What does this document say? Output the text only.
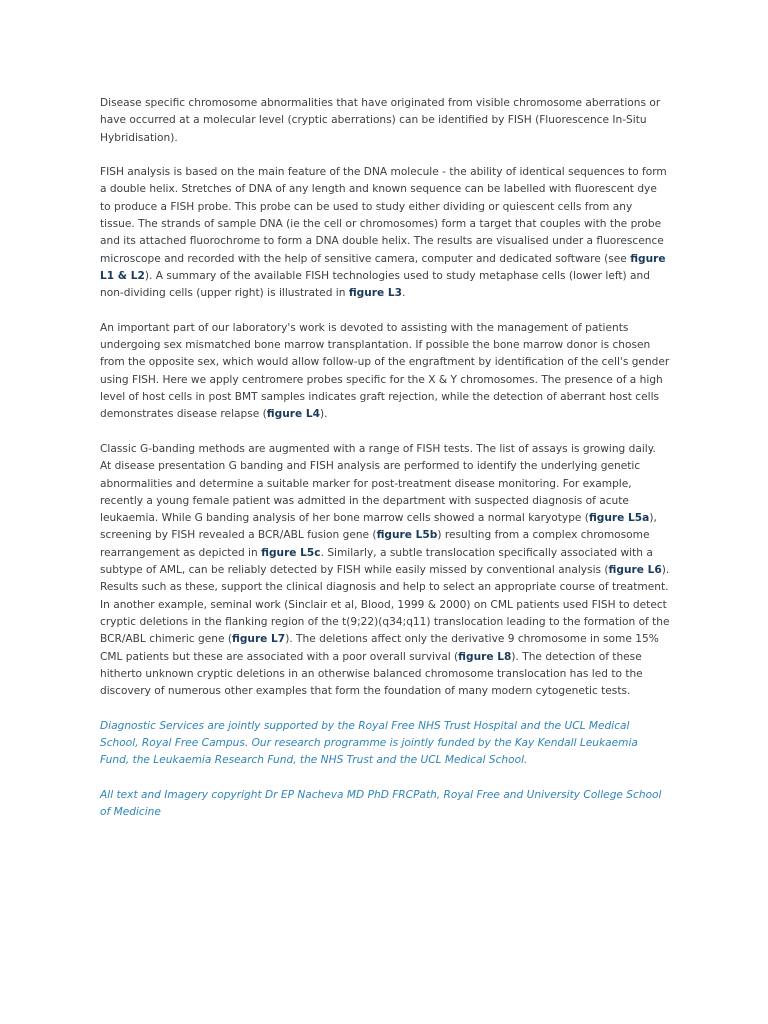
Disease specific chromosome abnormalities that have originated from visible chromosome aberrations or have occurred at a molecular level (cryptic aberrations) can be identified by FISH (Fluorescence In-Situ Hybridisation).

FISH analysis is based on the main feature of the DNA molecule - the ability of identical sequences to form a double helix. Stretches of DNA of any length and known sequence can be labelled with fluorescent dye to produce a FISH probe. This probe can be used to study either dividing or quiescent cells from any tissue. The strands of sample DNA (ie the cell or chromosomes) form a target that couples with the probe and its attached fluorochrome to form a DNA double helix. The results are visualised under a fluorescence microscope and recorded with the help of sensitive camera, computer and dedicated software (see figure L1 & L2). A summary of the available FISH technologies used to study metaphase cells (lower left) and non-dividing cells (upper right) is illustrated in figure L3.

An important part of our laboratory's work is devoted to assisting with the management of patients undergoing sex mismatched bone marrow transplantation. If possible the bone marrow donor is chosen from the opposite sex, which would allow follow-up of the engraftment by identification of the cell's gender using FISH. Here we apply centromere probes specific for the X & Y chromosomes. The presence of a high level of host cells in post BMT samples indicates graft rejection, while the detection of aberrant host cells demonstrates disease relapse (figure L4).

Classic G-banding methods are augmented with a range of FISH tests. The list of assays is growing daily. At disease presentation G banding and FISH analysis are performed to identify the underlying genetic abnormalities and determine a suitable marker for post-treatment disease monitoring. For example, recently a young female patient was admitted in the department with suspected diagnosis of acute leukaemia. While G banding analysis of her bone marrow cells showed a normal karyotype (figure L5a), screening by FISH revealed a BCR/ABL fusion gene (figure L5b) resulting from a complex chromosome rearrangement as depicted in figure L5c. Similarly, a subtle translocation specifically associated with a subtype of AML, can be reliably detected by FISH while easily missed by conventional analysis (figure L6). Results such as these, support the clinical diagnosis and help to select an appropriate course of treatment. In another example, seminal work (Sinclair et al, Blood, 1999 & 2000) on CML patients used FISH to detect cryptic deletions in the flanking region of the t(9;22)(q34;q11) translocation leading to the formation of the BCR/ABL chimeric gene (figure L7). The deletions affect only the derivative 9 chromosome in some 15% CML patients but these are associated with a poor overall survival (figure L8). The detection of these hitherto unknown cryptic deletions in an otherwise balanced chromosome translocation has led to the discovery of numerous other examples that form the foundation of many modern cytogenetic tests.

Diagnostic Services are jointly supported by the Royal Free NHS Trust Hospital and the UCL Medical School, Royal Free Campus. Our research programme is jointly funded by the Kay Kendall Leukaemia Fund, the Leukaemia Research Fund, the NHS Trust and the UCL Medical School.

All text and Imagery copyright Dr EP Nacheva MD PhD FRCPath, Royal Free and University College School of Medicine
